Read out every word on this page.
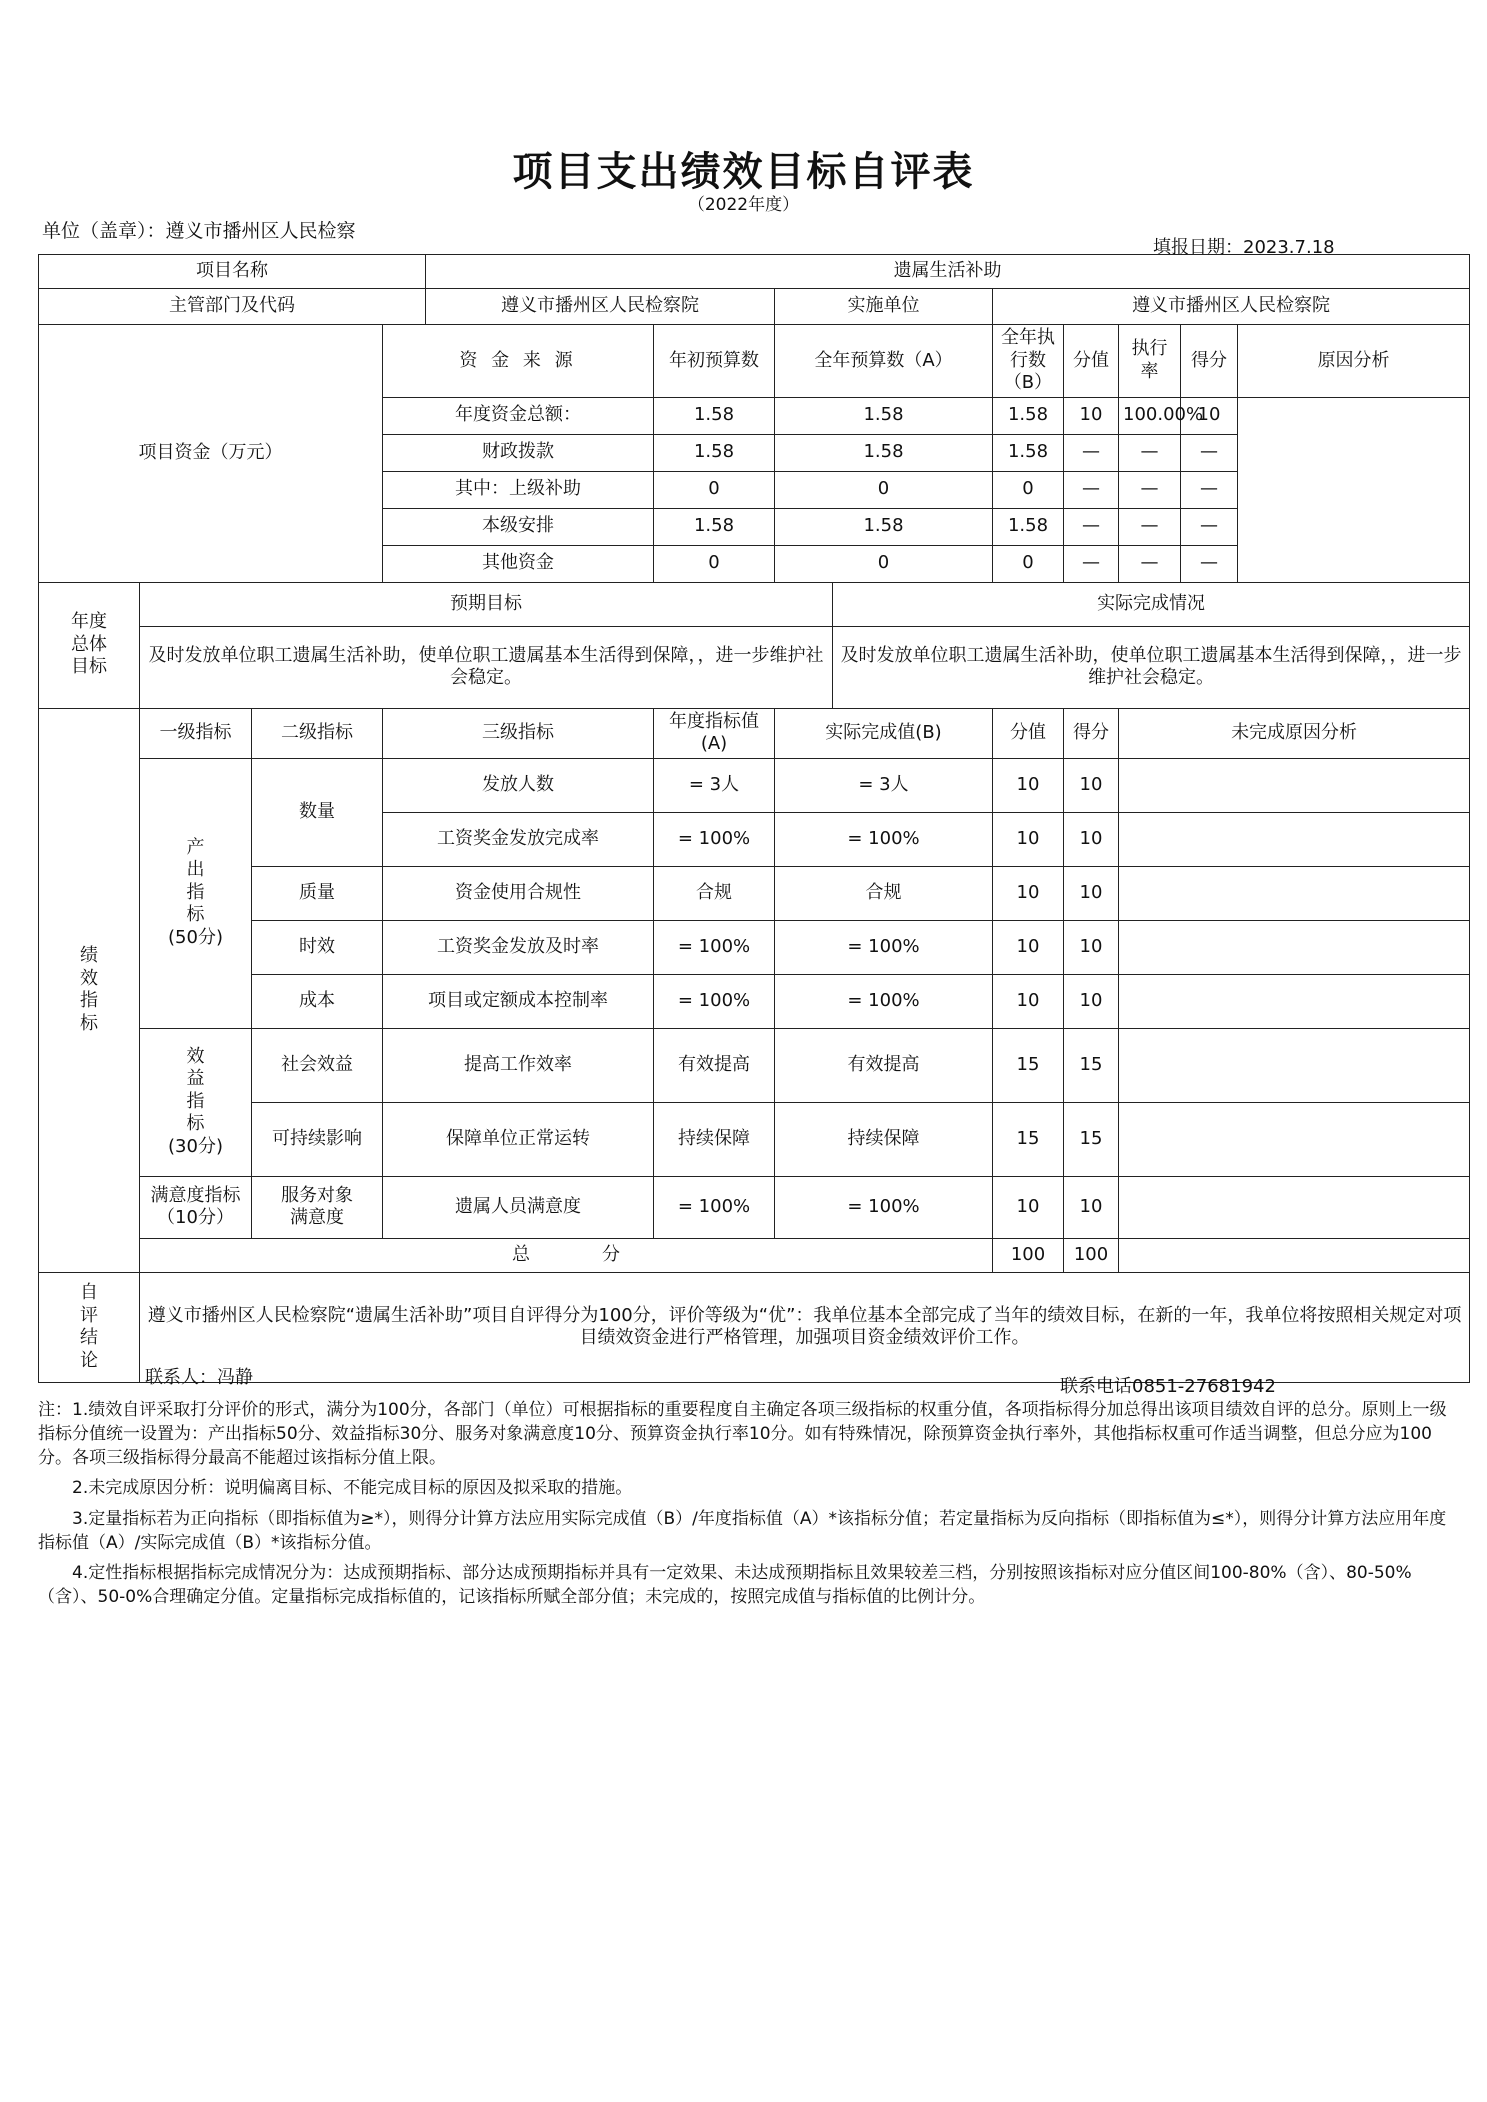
项目支出绩效目标自评表
（2022年度）
单位（盖章）：遵义市播州区人民检察
填报日期：2023.7.18
项目名称				遗属生活补助								
主管部门及代码				遵义市播州区人民检察院		实施单位		遵义市播州区人民检察院				
项目资金（万元）			资 金 来 源		年初预算数	全年预算数（A）		全年执行数（B）	分值	执行率	得分	原因分析
			年度资金总额：		1.58	1.58		1.58	10	100.00%	10	
			财政拨款		1.58	1.58		1.58	—	—	—	
			其中：上级补助		0	0		0	—	—	—	
			本级安排		1.58	1.58		1.58	—	—	—	
			其他资金		0	0		0	—	—	—	
年度
总体
目标	预期目标						实际完成情况					
	及时发放单位职工遗属生活补助，使单位职工遗属基本生活得到保障，，进一步维护社会稳定。						及时发放单位职工遗属生活补助，使单位职工遗属基本生活得到保障，，进一步维护社会稳定。					
绩
效
指
标	一级指标	二级指标	三级指标		年度指标值(A)	实际完成值(B)		分值	得分	未完成原因分析		
	产
出
指
标
(50分)	数量	发放人数		= 3人	= 3人		10	10			
			工资奖金发放完成率		= 100%	= 100%		10	10			
		质量	资金使用合规性		合规	合规		10	10			
		时效	工资奖金发放及时率		= 100%	= 100%		10	10			
		成本	项目或定额成本控制率		= 100%	= 100%		10	10			
	效
益
指
标
(30分)	社会效益	提高工作效率		有效提高	有效提高		15	15			
		可持续影响	保障单位正常运转		持续保障	持续保障		15	15			
	满意度指标
（10分）	服务对象
满意度	遗属人员满意度		= 100%	= 100%		10	10			
	总　　　　分							100	100			
自
评
结
论	遵义市播州区人民检察院“遗属生活补助”项目自评得分为100分，评价等级为“优”：我单位基本全部完成了当年的绩效目标，在新的一年，我单位将按照相关规定对项目绩效资金进行严格管理，加强项目资金绩效评价工作。											
联系人：冯静	联系电话0851-27681942

注：1.绩效自评采取打分评价的形式，满分为100分，各部门（单位）可根据指标的重要程度自主确定各项三级指标的权重分值，各项指标得分加总得出该项目绩效自评的总分。原则上一级指标分值统一设置为：产出指标50分、效益指标30分、服务对象满意度10分、预算资金执行率10分。如有特殊情况，除预算资金执行率外，其他指标权重可作适当调整，但总分应为100分。各项三级指标得分最高不能超过该指标分值上限。

2.未完成原因分析：说明偏离目标、不能完成目标的原因及拟采取的措施。

3.定量指标若为正向指标（即指标值为≥*），则得分计算方法应用实际完成值（B）/年度指标值（A）*该指标分值；若定量指标为反向指标（即指标值为≤*），则得分计算方法应用年度指标值（A）/实际完成值（B）*该指标分值。

4.定性指标根据指标完成情况分为：达成预期指标、部分达成预期指标并具有一定效果、未达成预期指标且效果较差三档，分别按照该指标对应分值区间100-80%（含）、80-50%（含）、50-0%合理确定分值。定量指标完成指标值的，记该指标所赋全部分值；未完成的，按照完成值与指标值的比例计分。
